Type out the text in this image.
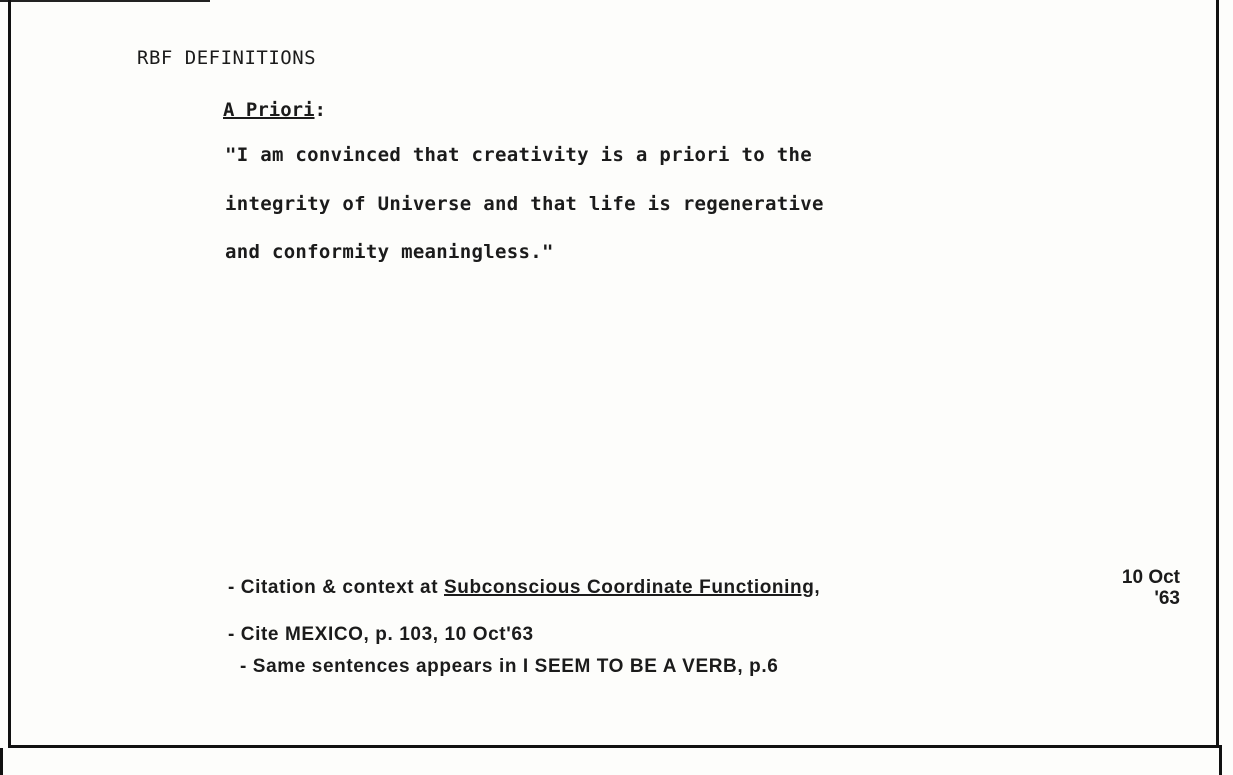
RBF DEFINITIONS
A Priori:
"I am convinced that creativity is a priori to the
integrity of Universe and that life is regenerative
and conformity meaningless."
- Citation & context at Subconscious Coordinate Functioning,	10 Oct
'63
- Cite MEXICO, p. 103, 10 Oct'63
- Same sentences appears in I SEEM TO BE A VERB, p.6
